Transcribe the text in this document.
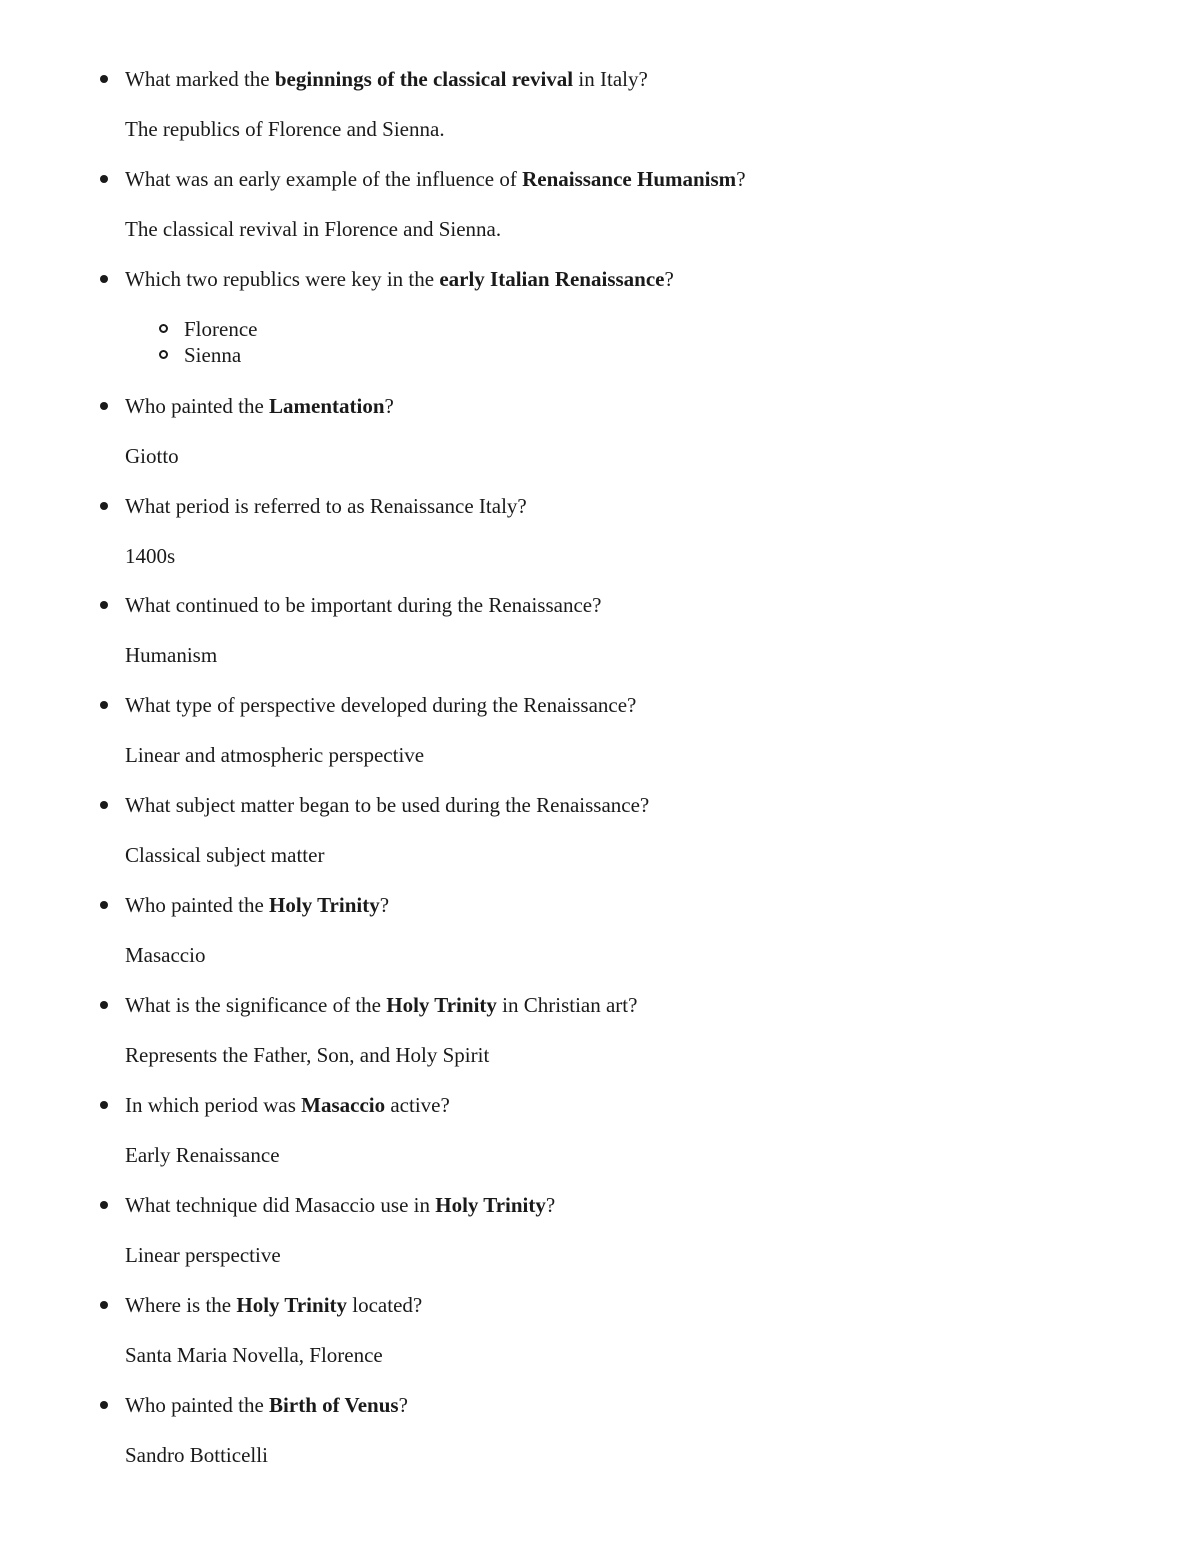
What marked the beginnings of the classical revival in Italy?
The republics of Florence and Sienna.
What was an early example of the influence of Renaissance Humanism?
The classical revival in Florence and Sienna.
Which two republics were key in the early Italian Renaissance?
Florence
Sienna
Who painted the Lamentation?
Giotto
What period is referred to as Renaissance Italy?
1400s
What continued to be important during the Renaissance?
Humanism
What type of perspective developed during the Renaissance?
Linear and atmospheric perspective
What subject matter began to be used during the Renaissance?
Classical subject matter
Who painted the Holy Trinity?
Masaccio
What is the significance of the Holy Trinity in Christian art?
Represents the Father, Son, and Holy Spirit
In which period was Masaccio active?
Early Renaissance
What technique did Masaccio use in Holy Trinity?
Linear perspective
Where is the Holy Trinity located?
Santa Maria Novella, Florence
Who painted the Birth of Venus?
Sandro Botticelli
